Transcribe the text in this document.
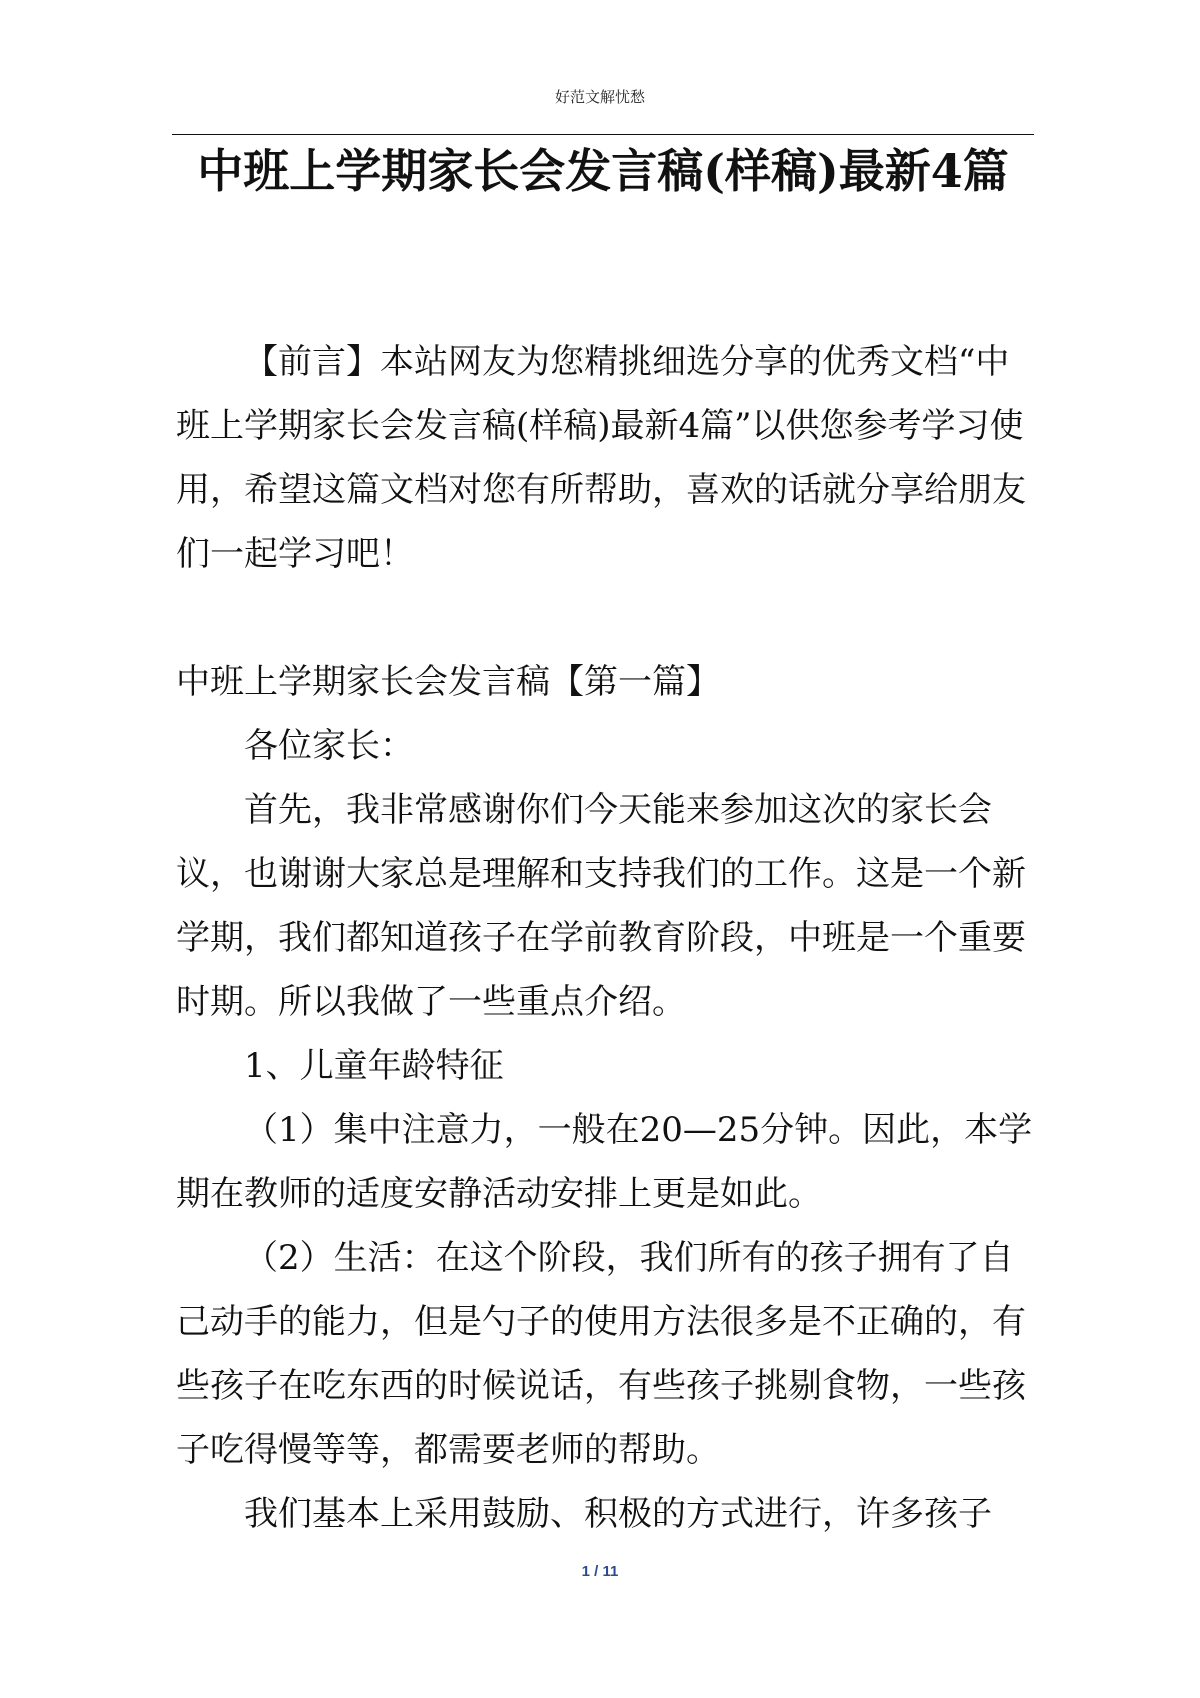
好范文解忧愁
中班上学期家长会发言稿(样稿)最新4篇

【前言】本站网友为您精挑细选分享的优秀文档“中班上学期家长会发言稿(样稿)最新4篇”以供您参考学习使用，希望这篇文档对您有所帮助，喜欢的话就分享给朋友们一起学习吧！

中班上学期家长会发言稿【第一篇】

各位家长：

首先，我非常感谢你们今天能来参加这次的家长会议，也谢谢大家总是理解和支持我们的工作。这是一个新学期，我们都知道孩子在学前教育阶段，中班是一个重要时期。所以我做了一些重点介绍。

1、儿童年龄特征

（1）集中注意力，一般在20—25分钟。因此，本学期在教师的适度安静活动安排上更是如此。

（2）生活：在这个阶段，我们所有的孩子拥有了自己动手的能力，但是勺子的使用方法很多是不正确的，有些孩子在吃东西的时候说话，有些孩子挑剔食物，一些孩子吃得慢等等，都需要老师的帮助。

我们基本上采用鼓励、积极的方式进行，许多孩子

1 / 11
